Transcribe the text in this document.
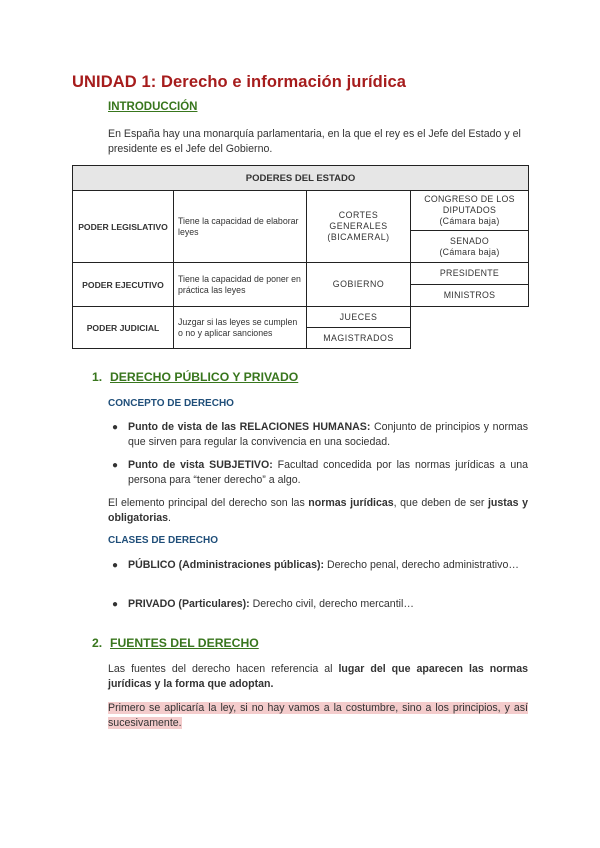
UNIDAD 1: Derecho e información jurídica
INTRODUCCIÓN

En España hay una monarquía parlamentaria, en la que el rey es el Jefe del Estado y el presidente es el Jefe del Gobierno.

PODERES DEL ESTADO			
PODER LEGISLATIVO	Tiene la capacidad de elaborar leyes	CORTES GENERALES (BICAMERAL)	CONGRESO DE LOS DIPUTADOS
(Cámara baja)
			SENADO
(Cámara baja)
PODER EJECUTIVO	Tiene la capacidad de poner en práctica las leyes	GOBIERNO	PRESIDENTE
			MINISTROS
PODER JUDICIAL	Juzgar si las leyes se cumplen o no y aplicar sanciones	JUECES	
		MAGISTRADOS	
1. DERECHO PÚBLICO Y PRIVADO
CONCEPTO DE DERECHO

● Punto de vista de las RELACIONES HUMANAS: Conjunto de principios y normas que sirven para regular la convivencia en una sociedad.

● Punto de vista SUBJETIVO: Facultad concedida por las normas jurídicas a una persona para “tener derecho” a algo.

El elemento principal del derecho son las normas jurídicas, que deben de ser justas y obligatorias.

CLASES DE DERECHO

● PÚBLICO (Administraciones públicas): Derecho penal, derecho administrativo…

● PRIVADO (Particulares): Derecho civil, derecho mercantil…

2. FUENTES DEL DERECHO

Las fuentes del derecho hacen referencia al lugar del que aparecen las normas jurídicas y la forma que adoptan.

Primero se aplicaría la ley, si no hay vamos a la costumbre, sino a los principios, y así sucesivamente.
